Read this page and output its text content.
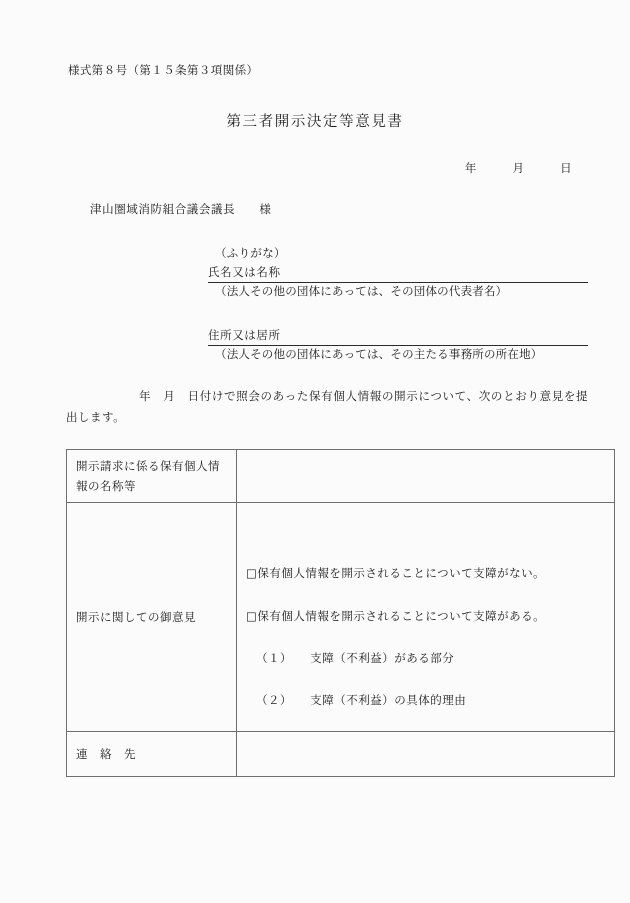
様式第８号（第１５条第３項関係）
第三者開示決定等意見書
年　　　月　　　日
津山圏域消防組合議会議長　　様
（ふりがな）
氏名又は名称
（法人その他の団体にあっては、その団体の代表者名）
住所又は居所
（法人その他の団体にあっては、その主たる事務所の所在地）
　　　　　　年　月　日付けで照会のあった保有個人情報の開示について、次のとおり意見を提出します。
開示請求に係る保有個人情報の名称等	
開示に関しての御意見	□保有個人情報を開示されることについて支障がない。
□保有個人情報を開示されることについて支障がある。
（１）　　支障（不利益）がある部分
（２）　　支障（不利益）の具体的理由

連　絡　先	
